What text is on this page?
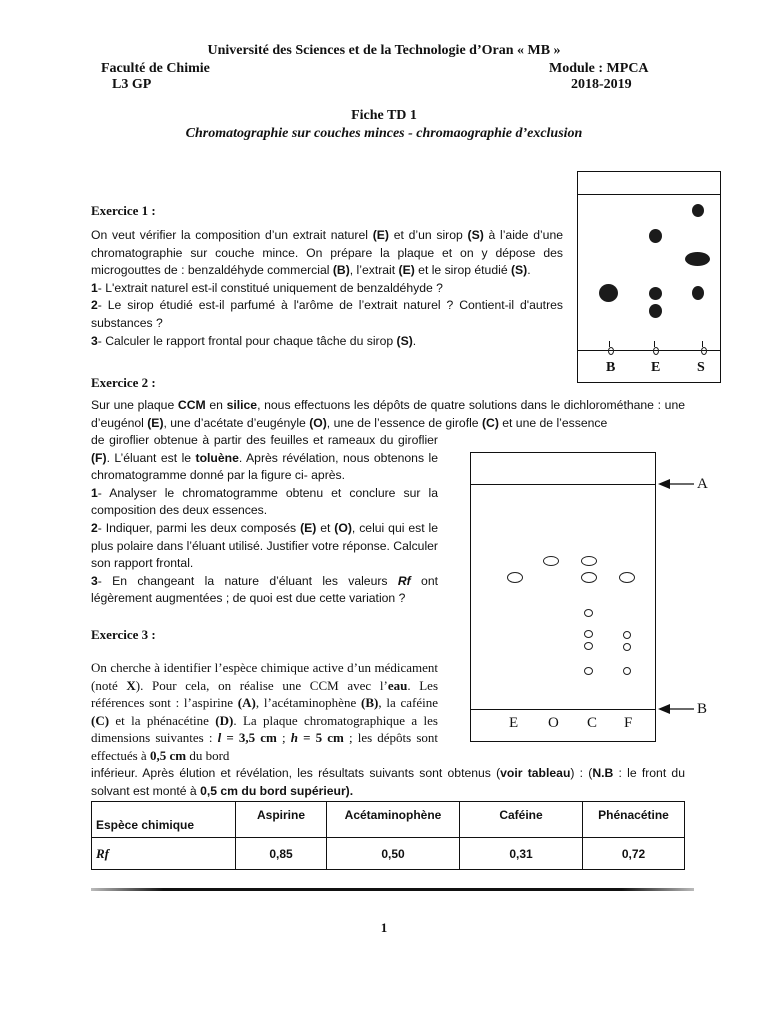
Université des Sciences et de la Technologie d’Oran « MB »
Faculté de Chimie
L3 GP
Module : MPCA
2018-2019
Fiche TD 1
Chromatographie sur couches minces - chromaographie d’exclusion
Exercice 1 :

On veut vérifier la composition d’un extrait naturel (E) et d’un sirop (S) à l’aide d’une chromatographie sur couche mince. On prépare la plaque et on y dépose des microgouttes de : benzaldéhyde commercial (B), l’extrait (E) et le sirop étudié (S).

1- L'extrait naturel est-il constitué uniquement de benzaldéhyde ?

2- Le sirop étudié est-il parfumé à l'arôme de l’extrait naturel ? Contient-il d'autres substances ?

3- Calculer le rapport frontal pour chaque tâche du sirop (S).

B	E	S
Exercice 2 :
Sur une plaque CCM en silice, nous effectuons les dépôts de quatre solutions dans le dichlorométhane : une d’eugénol (E), une d’acétate d’eugényle (O), une de l’essence de girofle (C) et une de l’essence

de giroflier obtenue à partir des feuilles et rameaux du giroflier (F). L’éluant est le toluène. Après révélation, nous obtenons le chromatogramme donné par la figure ci- après.

1- Analyser le chromatogramme obtenu et conclure sur la composition des deux essences.

2- Indiquer, parmi les deux composés (E) et (O), celui qui est le plus polaire dans l’éluant utilisé. Justifier votre réponse. Calculer son rapport frontal.

3- En changeant la nature d’éluant les valeurs Rf ont légèrement augmentées ; de quoi est due cette variation ?

E O C F
A
B
Exercice 3 :
On cherche à identifier l’espèce chimique active d’un médicament (noté X). Pour cela, on réalise une CCM avec l’eau. Les références sont : l’aspirine (A), l’acétaminophène (B), la caféine (C) et la phénacétine (D). La plaque chromatographique a les dimensions suivantes : l = 3,5 cm ; h = 5 cm ; les dépôts sont effectués à 0,5 cm du bord
inférieur. Après élution et révélation, les résultats suivants sont obtenus (voir tableau) : (N.B : le front du solvant est monté à 0,5 cm du bord supérieur).
Espèce chimique	Aspirine	Acétaminophène	Caféine	Phénacétine
Rf	0,85	0,50	0,31	0,72
1
